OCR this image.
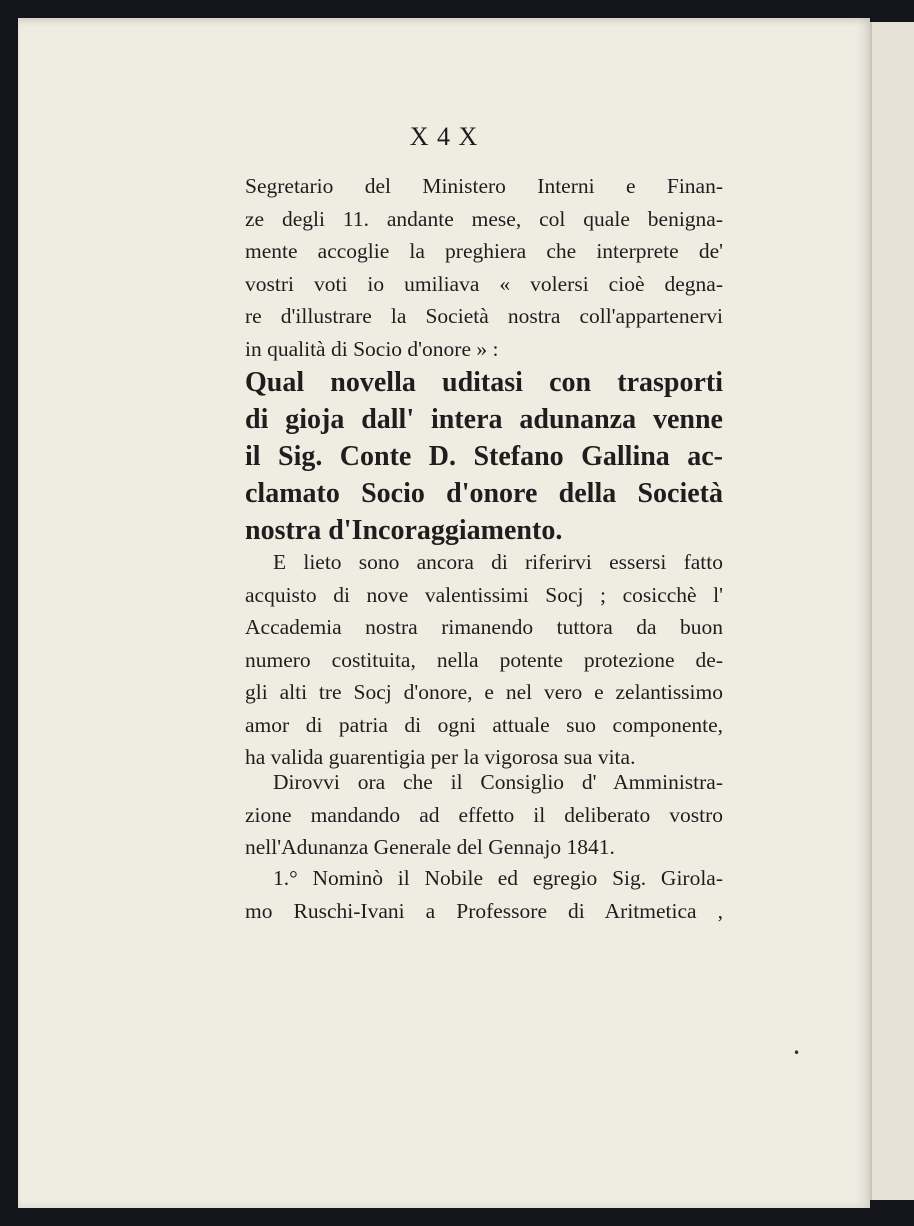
X 4 X
Segretario del Ministero Interni e Finan-
ze degli 11. andante mese, col quale benigna-
mente accoglie la preghiera che interprete de'
vostri voti io umiliava « volersi cioè degna-
re d'illustrare la Società nostra coll'appartenervi
in qualità di Socio d'onore » :
Qual novella uditasi con trasporti
di gioja dall' intera adunanza venne
il Sig. Conte D. Stefano Gallina ac-
clamato Socio d'onore della Società
nostra d'Incoraggiamento.
E lieto sono ancora di riferirvi essersi fatto
acquisto di nove valentissimi Socj ; cosicchè l'
Accademia nostra rimanendo tuttora da buon
numero costituita, nella potente protezione de-
gli alti tre Socj d'onore, e nel vero e zelantissimo
amor di patria di ogni attuale suo componente,
ha valida guarentigia per la vigorosa sua vita.
Dirovvi ora che il Consiglio d' Amministra-
zione mandando ad effetto il deliberato vostro
nell'Adunanza Generale del Gennajo 1841.
1.° Nominò il Nobile ed egregio Sig. Girola-
mo Ruschi-Ivani a Professore di Aritmetica ,
•
